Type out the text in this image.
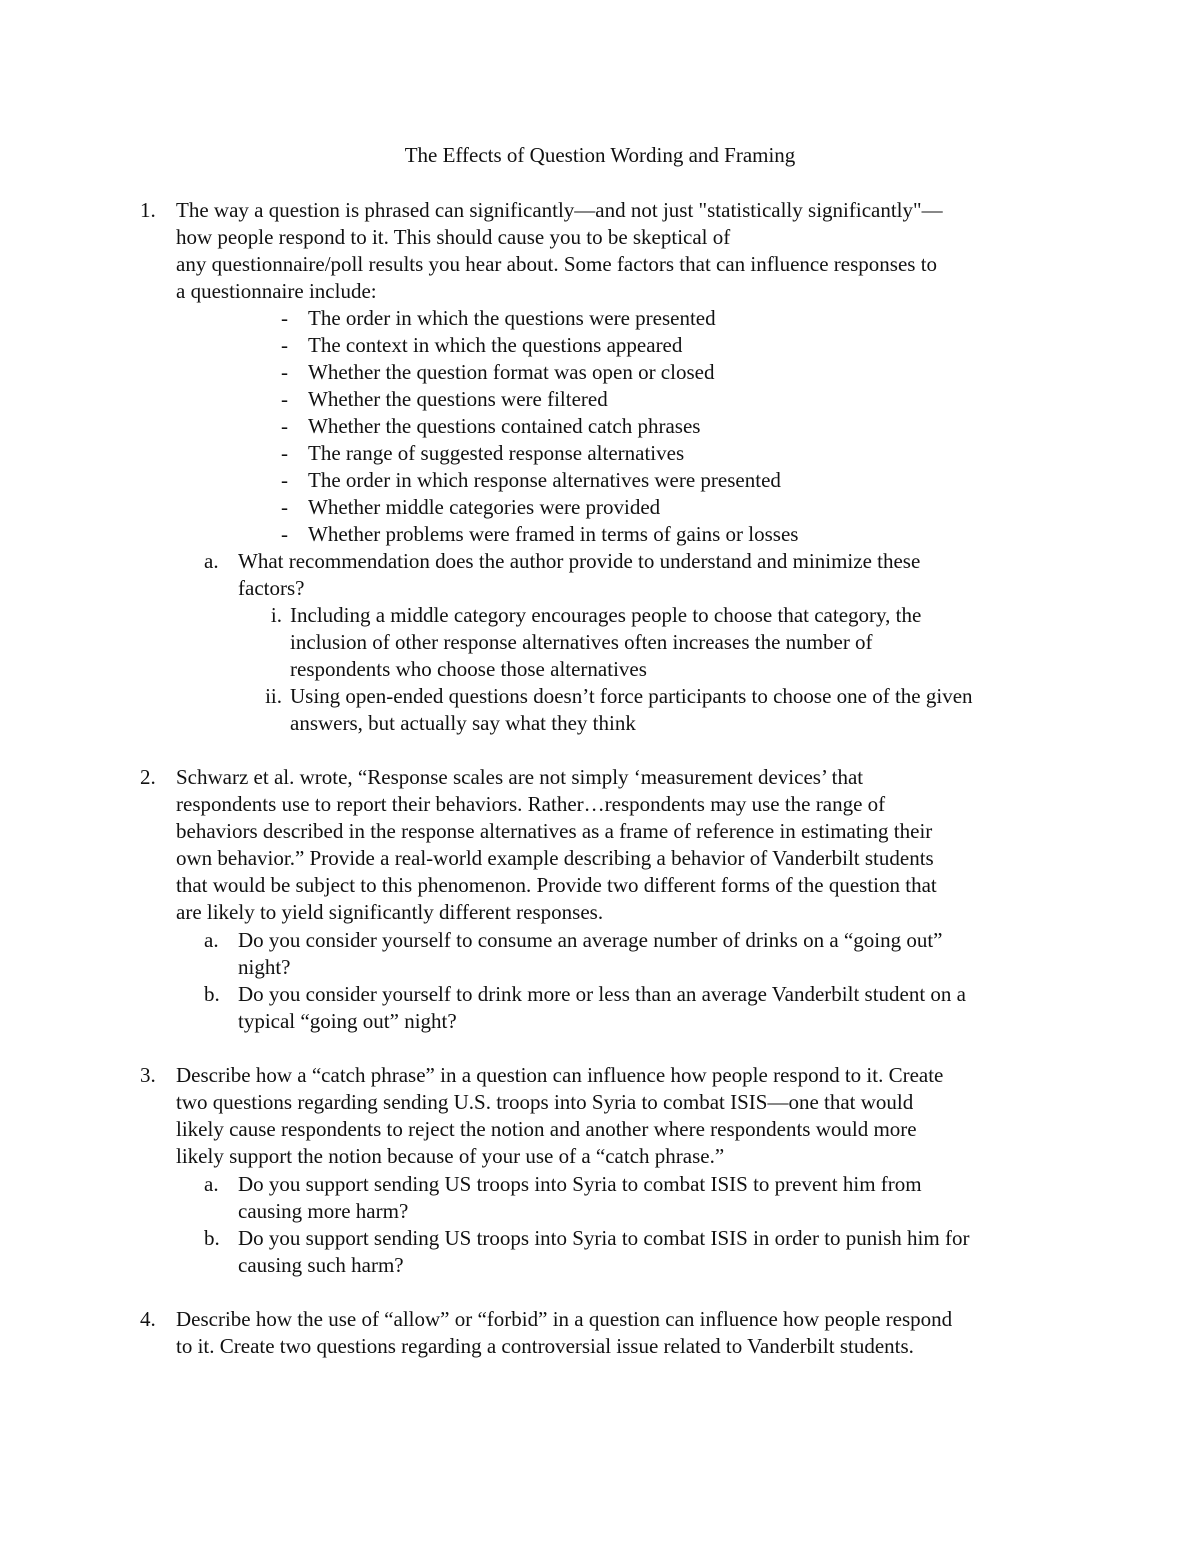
The Effects of Question Wording and Framing
1. The way a question is phrased can significantly—and not just "statistically significantly"—
how people respond to it. This should cause you to be skeptical of
any questionnaire/poll results you hear about. Some factors that can influence responses to
a questionnaire include:
- The order in which the questions were presented
- The context in which the questions appeared
- Whether the question format was open or closed
- Whether the questions were filtered
- Whether the questions contained catch phrases
- The range of suggested response alternatives
- The order in which response alternatives were presented
- Whether middle categories were provided
- Whether problems were framed in terms of gains or losses
a. What recommendation does the author provide to understand and minimize these
factors?
i. Including a middle category encourages people to choose that category, the
inclusion of other response alternatives often increases the number of
respondents who choose those alternatives
ii. Using open-ended questions doesn’t force participants to choose one of the given
answers, but actually say what they think
2. Schwarz et al. wrote, “Response scales are not simply ‘measurement devices’ that
respondents use to report their behaviors. Rather…respondents may use the range of
behaviors described in the response alternatives as a frame of reference in estimating their
own behavior.” Provide a real-world example describing a behavior of Vanderbilt students
that would be subject to this phenomenon. Provide two different forms of the question that
are likely to yield significantly different responses.
a. Do you consider yourself to consume an average number of drinks on a “going out”
night?
b. Do you consider yourself to drink more or less than an average Vanderbilt student on a
typical “going out” night?
3. Describe how a “catch phrase” in a question can influence how people respond to it. Create
two questions regarding sending U.S. troops into Syria to combat ISIS—one that would
likely cause respondents to reject the notion and another where respondents would more
likely support the notion because of your use of a “catch phrase.”
a. Do you support sending US troops into Syria to combat ISIS to prevent him from
causing more harm?
b. Do you support sending US troops into Syria to combat ISIS in order to punish him for
causing such harm?
4. Describe how the use of “allow” or “forbid” in a question can influence how people respond
to it. Create two questions regarding a controversial issue related to Vanderbilt students.
